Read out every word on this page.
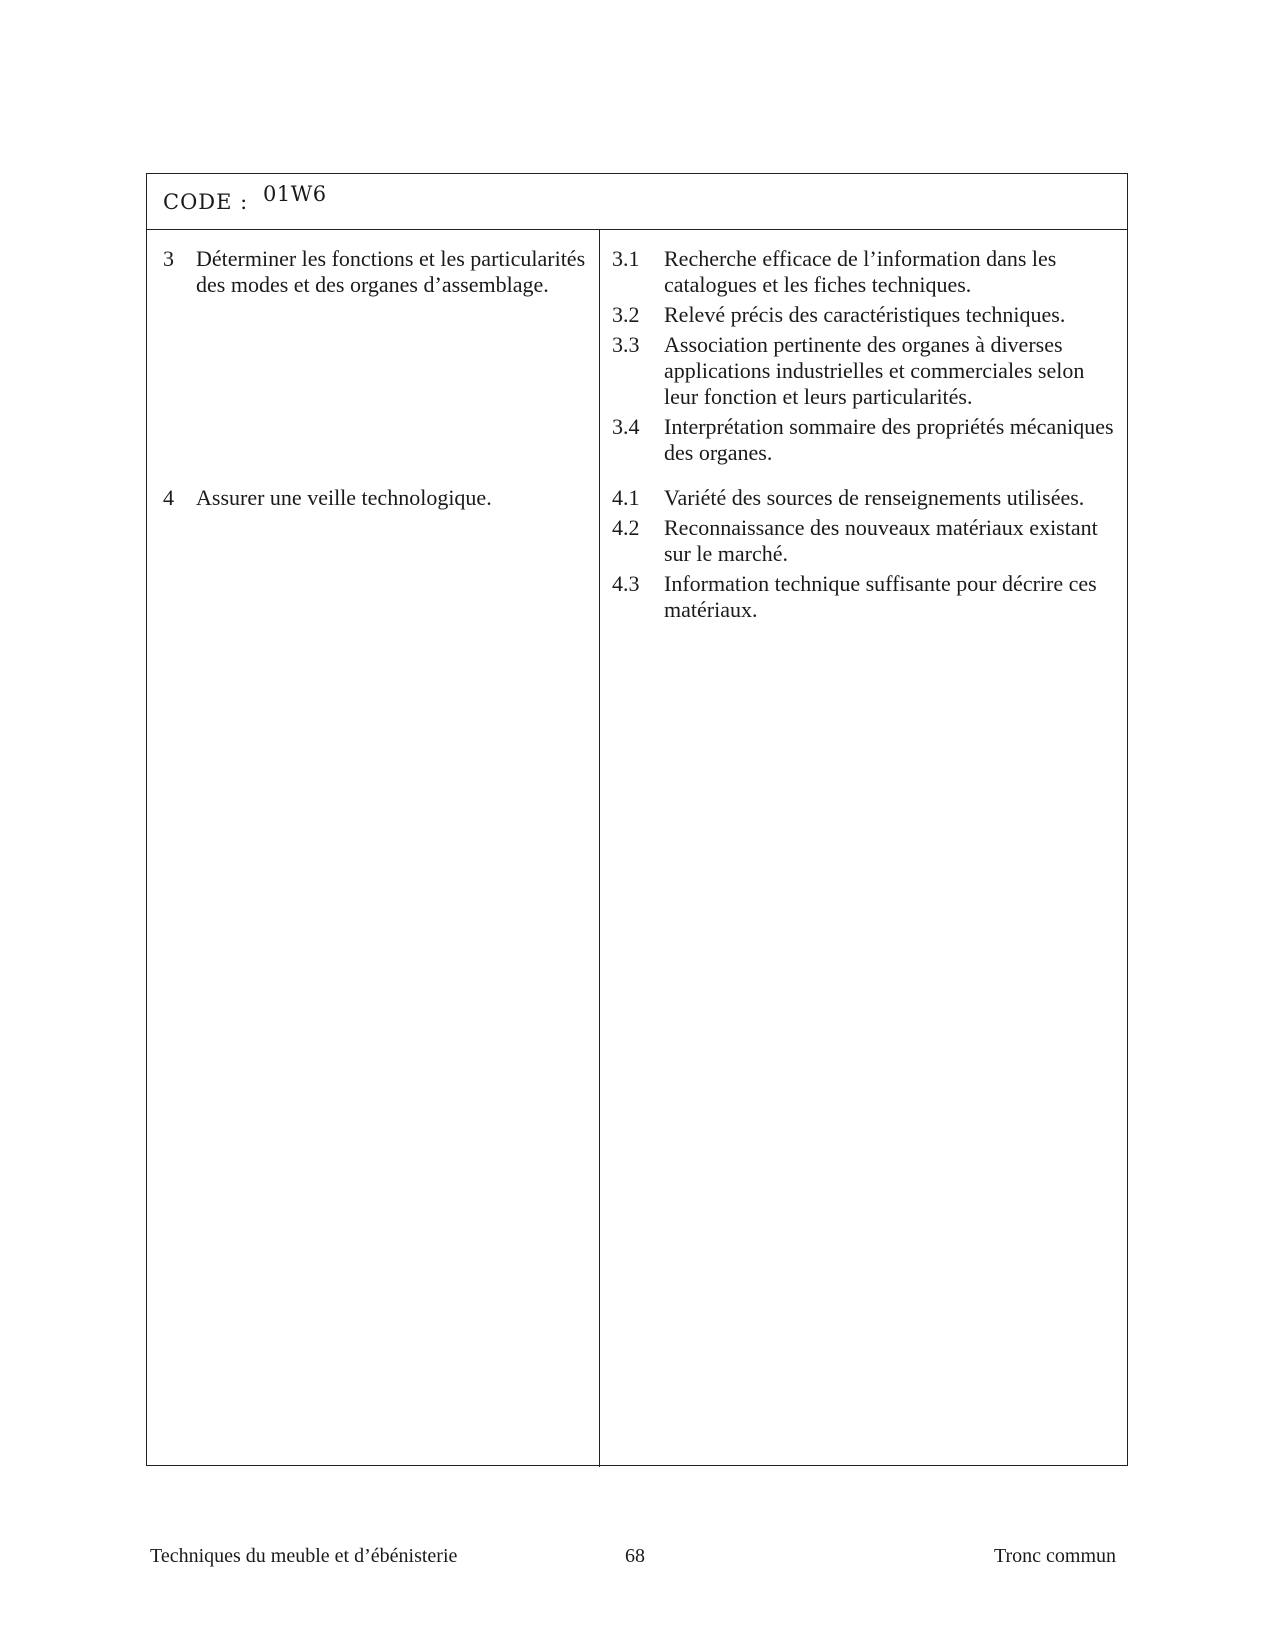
CODE : 01W6
3 Déterminer les fonctions et les particularités des modes et des organes d’assemblage.
4 Assurer une veille technologique.
3.1 Recherche efficace de l’information dans les catalogues et les fiches techniques.
3.2 Relevé précis des caractéristiques techniques.
3.3 Association pertinente des organes à diverses applications industrielles et commerciales selon leur fonction et leurs particularités.
3.4 Interprétation sommaire des propriétés mécaniques des organes.
4.1 Variété des sources de renseignements utilisées.
4.2 Reconnaissance des nouveaux matériaux existant sur le marché.
4.3 Information technique suffisante pour décrire ces matériaux.
Techniques du meuble et d’ébénisterie	68	Tronc commun
